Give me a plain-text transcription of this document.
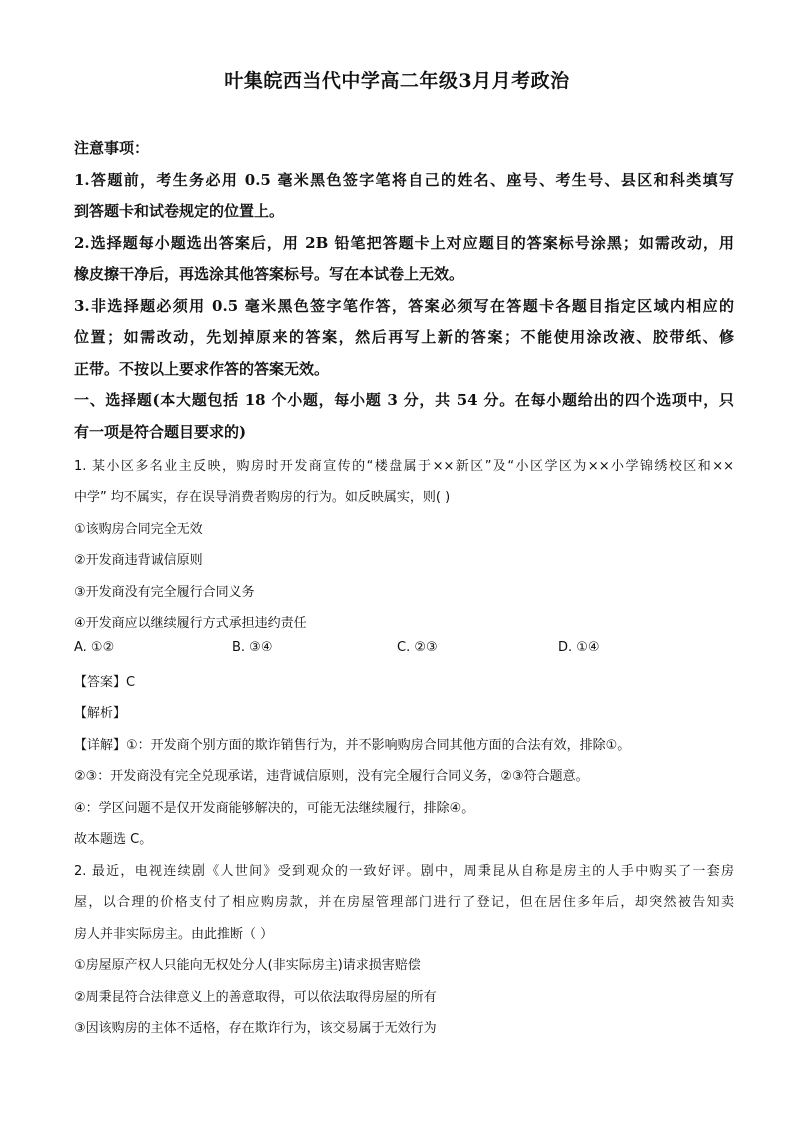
叶集皖西当代中学高二年级3月月考政治
注意事项：
1.答题前，考生务必用 0.5 毫米黑色签字笔将自己的姓名、座号、考生号、县区和科类填写
到答题卡和试卷规定的位置上。
2.选择题每小题选出答案后，用 2B 铅笔把答题卡上对应题目的答案标号涂黑；如需改动，用
橡皮擦干净后，再选涂其他答案标号。写在本试卷上无效。
3.非选择题必须用 0.5 毫米黑色签字笔作答，答案必须写在答题卡各题目指定区域内相应的
位置；如需改动，先划掉原来的答案，然后再写上新的答案；不能使用涂改液、胶带纸、修
正带。不按以上要求作答的答案无效。
一、选择题(本大题包括 18 个小题，每小题 3 分，共 54 分。在每小题给出的四个选项中，只
有一项是符合题目要求的)
1. 某小区多名业主反映，购房时开发商宣传的“楼盘属于××新区”及“小区学区为××小学锦绣校区和××
中学” 均不属实，存在误导消费者购房的行为。如反映属实，则( )
①该购房合同完全无效
②开发商违背诚信原则
③开发商没有完全履行合同义务
④开发商应以继续履行方式承担违约责任
A. ①②	B. ③④	C. ②③	D. ①④
【答案】C
【解析】
【详解】①：开发商个别方面的欺诈销售行为，并不影响购房合同其他方面的合法有效，排除①。
②③：开发商没有完全兑现承诺，违背诚信原则，没有完全履行合同义务，②③符合题意。
④：学区问题不是仅开发商能够解决的，可能无法继续履行，排除④。
故本题选 C。
2. 最近，电视连续剧《人世间》受到观众的一致好评。剧中，周秉昆从自称是房主的人手中购买了一套房
屋，以合理的价格支付了相应购房款，并在房屋管理部门进行了登记，但在居住多年后，却突然被告知卖
房人并非实际房主。由此推断（ ）
①房屋原产权人只能向无权处分人(非实际房主)请求损害赔偿
②周秉昆符合法律意义上的善意取得，可以依法取得房屋的所有
③因该购房的主体不适格，存在欺诈行为，该交易属于无效行为
